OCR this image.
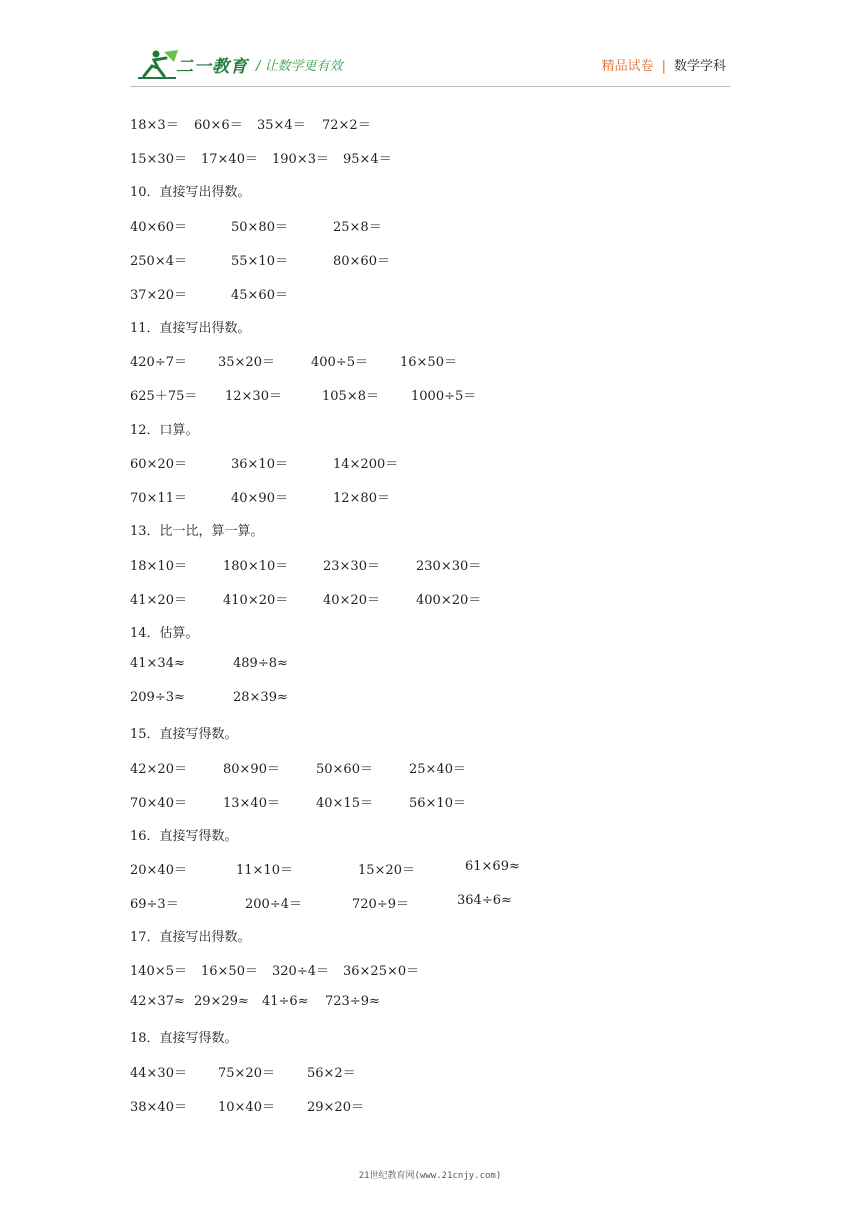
二一教育 / 让数学更有效	精品试卷 | 数学学科
18×3＝ 60×6＝ 35×4＝ 72×2＝
15×30＝ 17×40＝ 190×3＝ 95×4＝
10．直接写出得数。
40×60＝	50×80＝	25×8＝
250×4＝	55×10＝	80×60＝
37×20＝	45×60＝
11．直接写出得数。
420÷7＝ 35×20＝	400÷5＝ 16×50＝
625＋75＝ 12×30＝	105×8＝ 1000÷5＝
12．口算。
60×20＝	36×10＝	14×200＝
70×11＝	40×90＝	12×80＝
13．比一比，算一算。
18×10＝	180×10＝	23×30＝	230×30＝
41×20＝	410×20＝	40×20＝	400×20＝
14．估算。
41×34≈	489÷8≈
209÷3≈	28×39≈
15．直接写得数。
42×20＝	80×90＝	50×60＝	25×40＝
70×40＝	13×40＝	40×15＝	56×10＝
16．直接写得数。
20×40＝	11×10＝	15×20＝	61×69≈
69÷3＝	200÷4＝	720÷9＝	364÷6≈
17．直接写出得数。
140×5＝ 16×50＝ 320÷4＝ 36×25×0＝
42×37≈ 29×29≈ 41÷6≈ 723÷9≈
18．直接写得数。
44×30＝ 75×20＝ 56×2＝
38×40＝ 10×40＝ 29×20＝
21世纪教育网(www.21cnjy.com)
